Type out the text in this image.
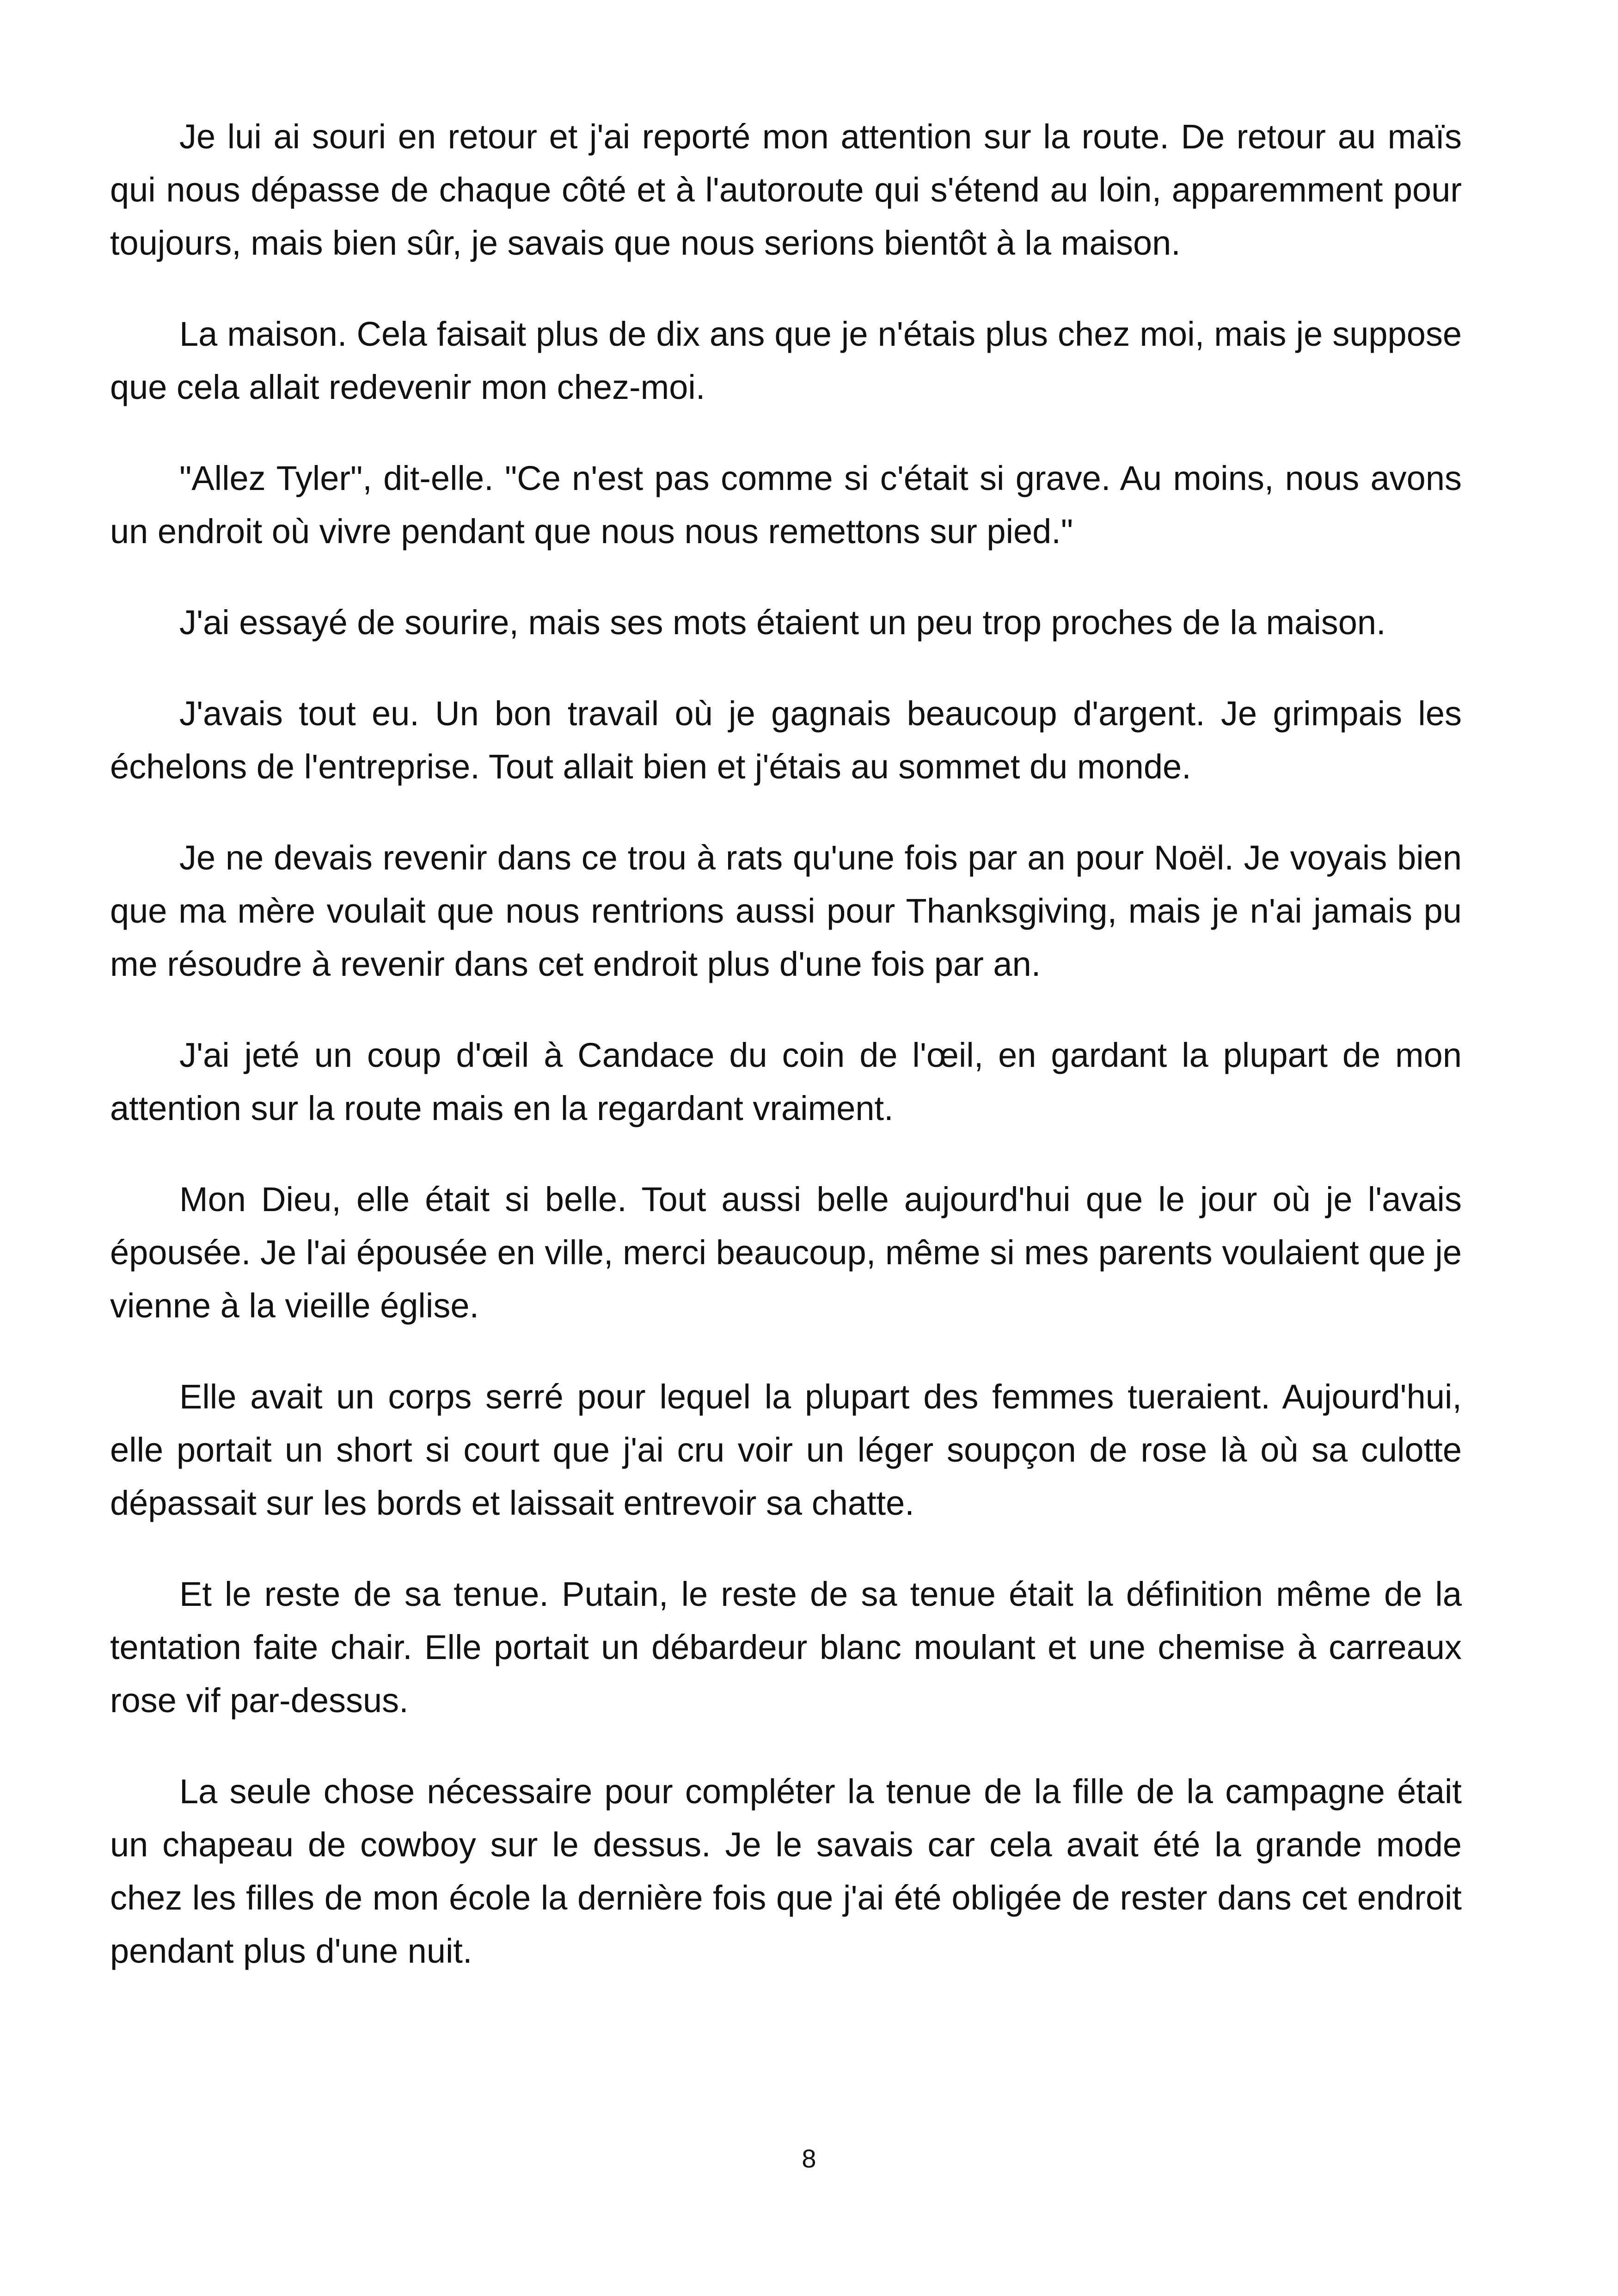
Je lui ai souri en retour et j'ai reporté mon attention sur la route. De retour au maïs qui nous dépasse de chaque côté et à l'autoroute qui s'étend au loin, apparemment pour toujours, mais bien sûr, je savais que nous serions bientôt à la maison.

La maison. Cela faisait plus de dix ans que je n'étais plus chez moi, mais je suppose que cela allait redevenir mon chez-moi.

"Allez Tyler", dit-elle. "Ce n'est pas comme si c'était si grave. Au moins, nous avons un endroit où vivre pendant que nous nous remettons sur pied."

J'ai essayé de sourire, mais ses mots étaient un peu trop proches de la maison.

J'avais tout eu. Un bon travail où je gagnais beaucoup d'argent. Je grimpais les échelons de l'entreprise. Tout allait bien et j'étais au sommet du monde.

Je ne devais revenir dans ce trou à rats qu'une fois par an pour Noël. Je voyais bien que ma mère voulait que nous rentrions aussi pour Thanksgiving, mais je n'ai jamais pu me résoudre à revenir dans cet endroit plus d'une fois par an.

J'ai jeté un coup d'œil à Candace du coin de l'œil, en gardant la plupart de mon attention sur la route mais en la regardant vraiment.

Mon Dieu, elle était si belle. Tout aussi belle aujourd'hui que le jour où je l'avais épousée. Je l'ai épousée en ville, merci beaucoup, même si mes parents voulaient que je vienne à la vieille église.

Elle avait un corps serré pour lequel la plupart des femmes tueraient. Aujourd'hui, elle portait un short si court que j'ai cru voir un léger soupçon de rose là où sa culotte dépassait sur les bords et laissait entrevoir sa chatte.

Et le reste de sa tenue. Putain, le reste de sa tenue était la définition même de la tentation faite chair. Elle portait un débardeur blanc moulant et une chemise à carreaux rose vif par-dessus.

La seule chose nécessaire pour compléter la tenue de la fille de la campagne était un chapeau de cowboy sur le dessus. Je le savais car cela avait été la grande mode chez les filles de mon école la dernière fois que j'ai été obligée de rester dans cet endroit pendant plus d'une nuit.

8
